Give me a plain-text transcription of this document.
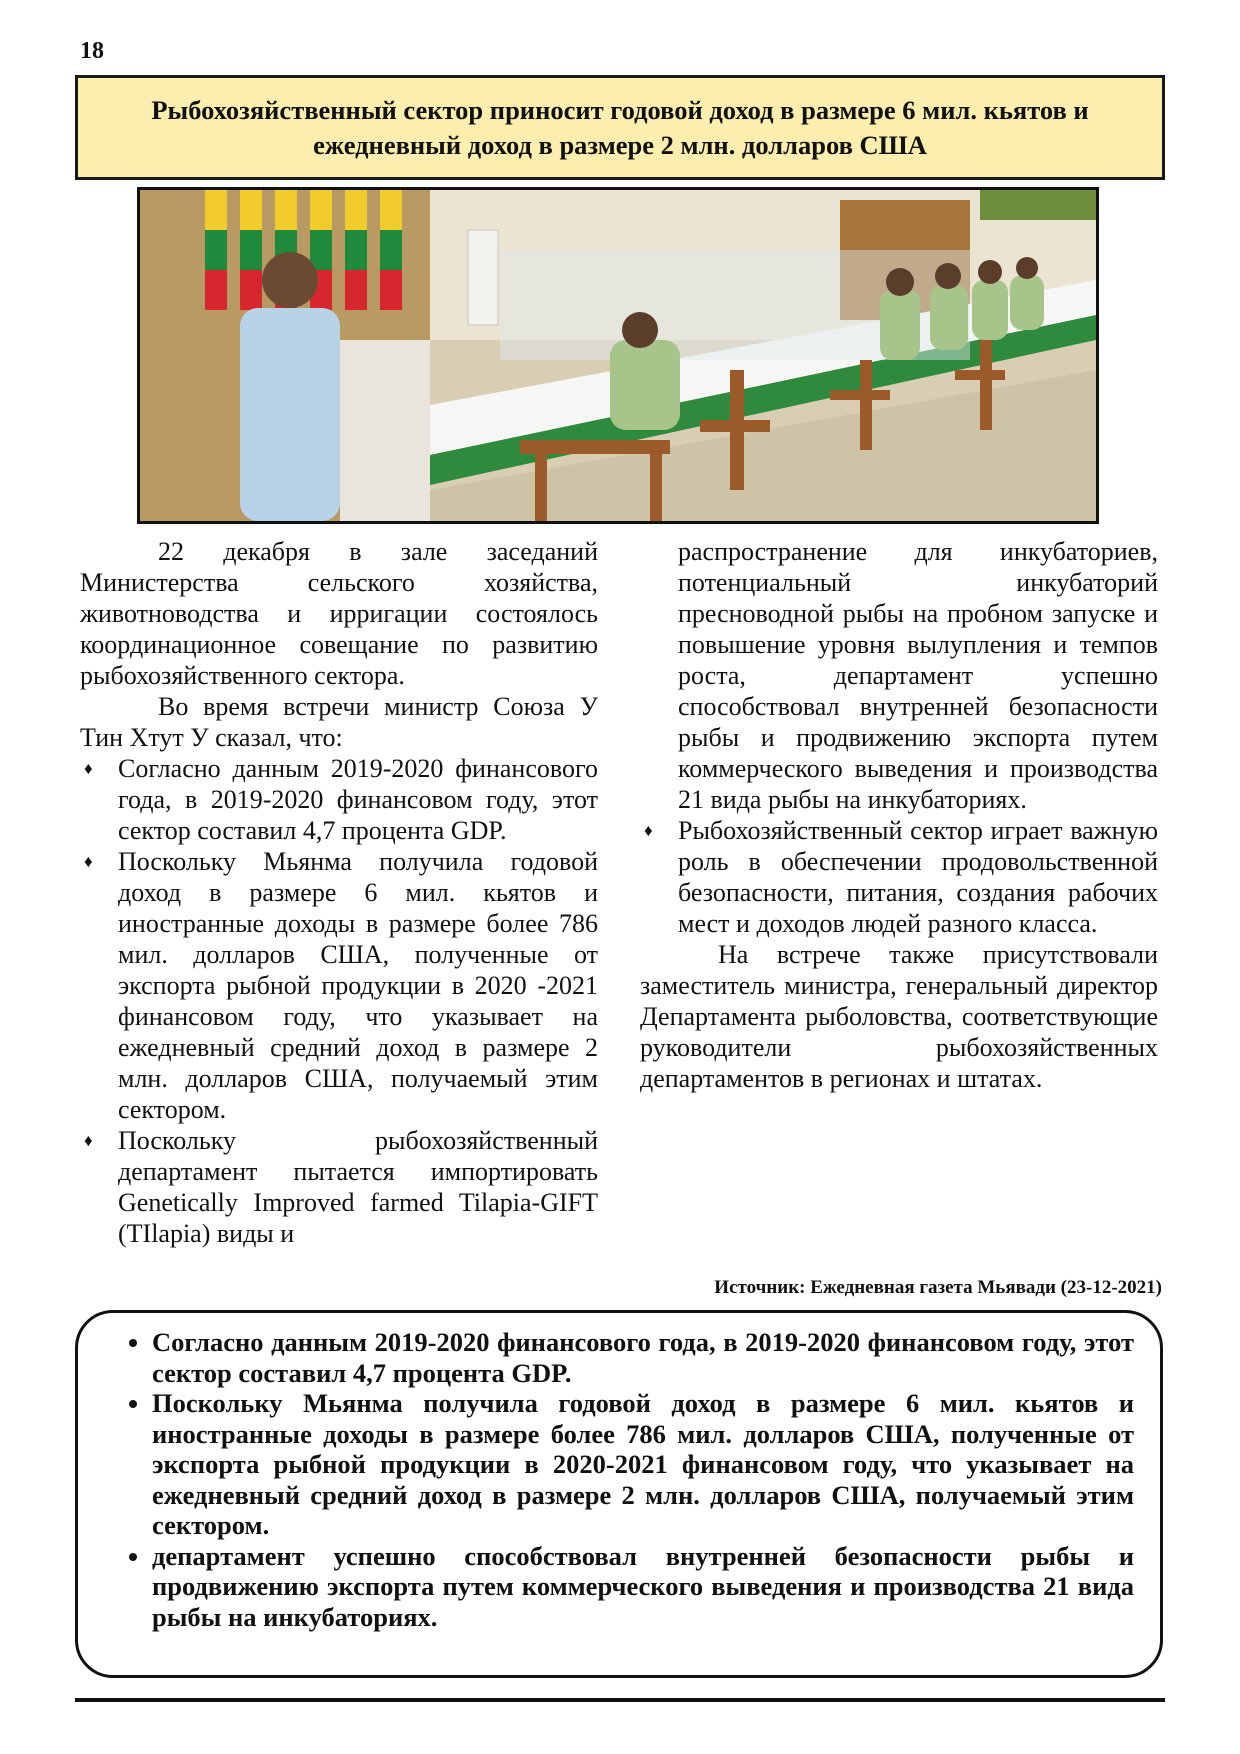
18
Рыбохозяйственный сектор приносит годовой доход в размере 6 мил. кьятов и ежедневный доход в размере 2 млн. долларов США

22 декабря в зале заседаний Министерства сельского хозяйства, животноводства и ирригации состоялось координационное совещание по развитию рыбохозяйственного сектора.

Во время встречи министр Союза У Тин Хтут У сказал, что:

♦ Согласно данным 2019-2020 финансового года, в 2019-2020 финансовом году, этот сектор составил 4,7 процента GDP.
♦ Поскольку Мьянма получила годовой доход в размере 6 мил. кьятов и иностранные доходы в размере более 786 мил. долларов США, полученные от экспорта рыбной продукции в 2020 -2021 финансовом году, что указывает на ежедневный средний доход в размере 2 млн. долларов США, получаемый этим сектором.
♦ Поскольку рыбохозяйственный департамент пытается импортировать Genetically Improved farmed Tilapia-GIFT (TIlapia) виды и

распространение для инкубаториев, потенциальный инкубаторий пресноводной рыбы на пробном запуске и повышение уровня вылупления и темпов роста, департамент успешно способствовал внутренней безопасности рыбы и продвижению экспорта путем коммерческого выведения и производства 21 вида рыбы на инкубаториях.

♦ Рыбохозяйственный сектор играет важную роль в обеспечении продовольственной безопасности, питания, создания рабочих мест и доходов людей разного класса.

На встрече также присутствовали заместитель министра, генеральный директор Департамента рыболовства, соответствующие руководители рыбохозяйственных департаментов в регионах и штатах.

Источник: Ежедневная газета Мьявади (23-12-2021)
• Согласно данным 2019-2020 финансового года, в 2019-2020 финансовом году, этот сектор составил 4,7 процента GDP.
• Поскольку Мьянма получила годовой доход в размере 6 мил. кьятов и иностранные доходы в размере более 786 мил. долларов США, полученные от экспорта рыбной продукции в 2020-2021 финансовом году, что указывает на ежедневный средний доход в размере 2 млн. долларов США, получаемый этим сектором.
• департамент успешно способствовал внутренней безопасности рыбы и продвижению экспорта путем коммерческого выведения и производства 21 вида рыбы на инкубаториях.
